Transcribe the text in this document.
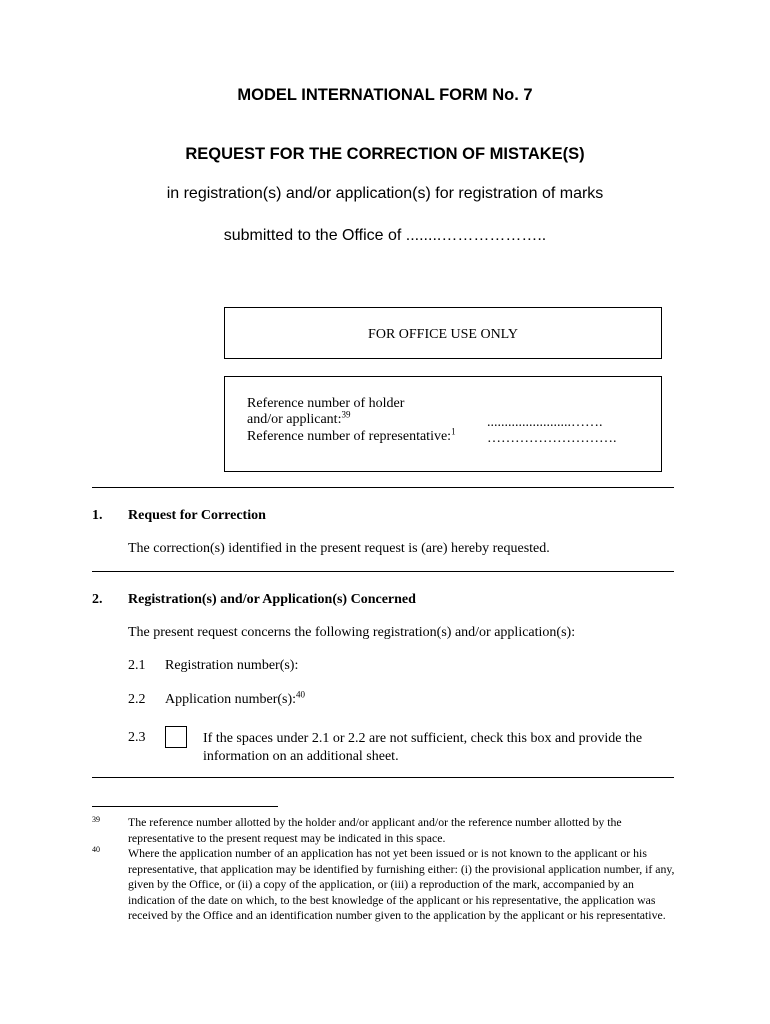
MODEL INTERNATIONAL FORM No. 7
REQUEST FOR THE CORRECTION OF MISTAKE(S)
in registration(s) and/or application(s) for registration of marks
submitted to the Office of ........………………..
FOR OFFICE USE ONLY
Reference number of holder
and/or applicant:$^{39}$
........................…….
Reference number of representative:$^1$ ……………………….
1. Request for Correction
The correction(s) identified in the present request is (are) hereby requested.
2. Registration(s) and/or Application(s) Concerned
The present request concerns the following registration(s) and/or application(s):
2.1 Registration number(s):
2.2 Application number(s):$^{40}$
2.3	If the spaces under 2.1 or 2.2 are not sufficient, check this box and provide the information on an additional sheet.
39 The reference number allotted by the holder and/or applicant and/or the reference number allotted by the representative to the present request may be indicated in this space.
40 Where the application number of an application has not yet been issued or is not known to the applicant or his representative, that application may be identified by furnishing either: (i) the provisional application number, if any, given by the Office, or (ii) a copy of the application, or (iii) a reproduction of the mark, accompanied by an indication of the date on which, to the best knowledge of the applicant or his representative, the application was received by the Office and an identification number given to the application by the applicant or his representative.
